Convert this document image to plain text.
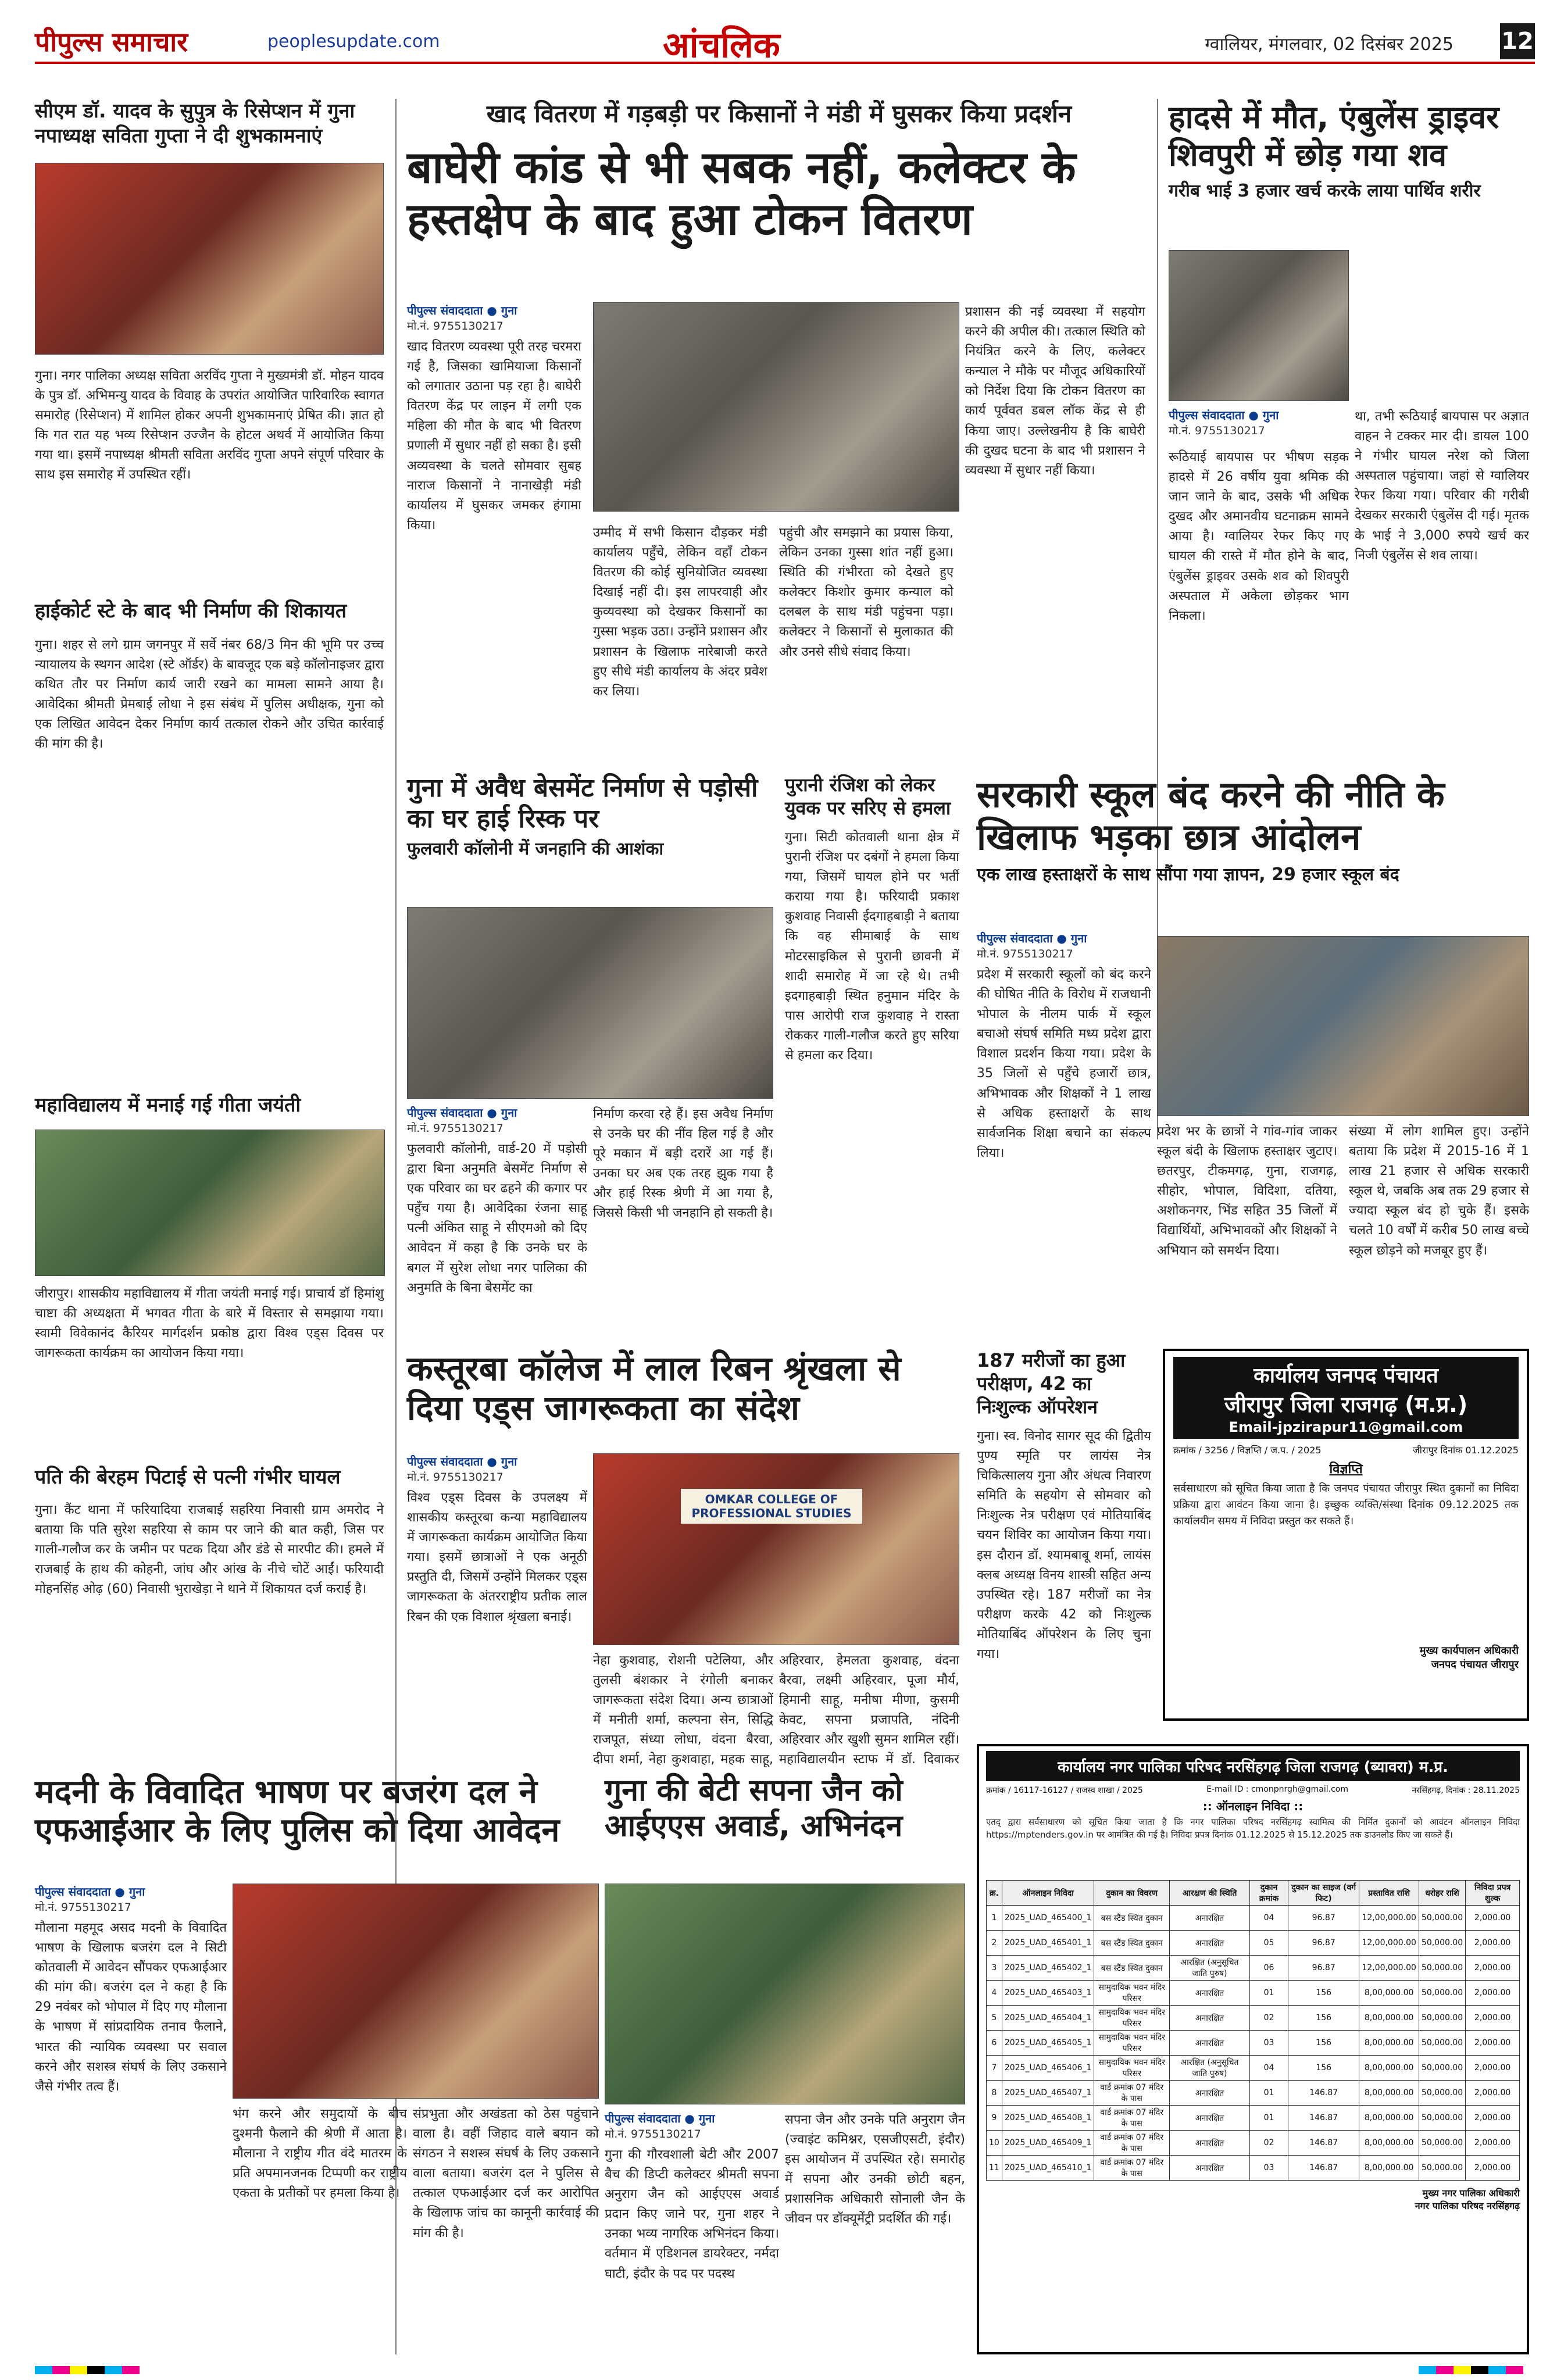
पीपुल्स समाचार	peoplesupdate.com	आंचलिक	ग्वालियर, मंगलवार, 02 दिसंबर 2025 12
सीएम डॉ. यादव के सुपुत्र के रिसेप्शन में गुना नपाध्यक्ष सविता गुप्ता ने दी शुभकामनाएं
गुना। नगर पालिका अध्यक्ष सविता अरविंद गुप्ता ने मुख्यमंत्री डॉ. मोहन यादव के पुत्र डॉ. अभिमन्यु यादव के विवाह के उपरांत आयोजित पारिवारिक स्वागत समारोह (रिसेप्शन) में शामिल होकर अपनी शुभकामनाएं प्रेषित की। ज्ञात हो कि गत रात यह भव्य रिसेप्शन उज्जैन के होटल अथर्व में आयोजित किया गया था। इसमें नपाध्यक्ष श्रीमती सविता अरविंद गुप्ता अपने संपूर्ण परिवार के साथ इस समारोह में उपस्थित रहीं।
हाईकोर्ट स्टे के बाद भी निर्माण की शिकायत
गुना। शहर से लगे ग्राम जगनपुर में सर्वे नंबर 68/3 मिन की भूमि पर उच्च न्यायालय के स्थगन आदेश (स्टे ऑर्डर) के बावजूद एक बड़े कॉलोनाइजर द्वारा कथित तौर पर निर्माण कार्य जारी रखने का मामला सामने आया है। आवेदिका श्रीमती प्रेमबाई लोधा ने इस संबंध में पुलिस अधीक्षक, गुना को एक लिखित आवेदन देकर निर्माण कार्य तत्काल रोकने और उचित कार्रवाई की मांग की है।
महाविद्यालय में मनाई गई गीता जयंती
जीरापुर। शासकीय महाविद्यालय में गीता जयंती मनाई गई। प्राचार्य डॉ हिमांशु चाष्टा की अध्यक्षता में भगवत गीता के बारे में विस्तार से समझाया गया। स्वामी विवेकानंद कैरियर मार्गदर्शन प्रकोष्ठ द्वारा विश्व एड्स दिवस पर जागरूकता कार्यक्रम का आयोजन किया गया।
पति की बेरहम पिटाई से पत्नी गंभीर घायल
गुना। कैंट थाना में फरियादिया राजबाई सहरिया निवासी ग्राम अमरोद ने बताया कि पति सुरेश सहरिया से काम पर जाने की बात कही, जिस पर गाली-गलौज कर के जमीन पर पटक दिया और डंडे से मारपीट की। हमले में राजबाई के हाथ की कोहनी, जांघ और आंख के नीचे चोटें आईं। फरियादी मोहनसिंह ओढ़ (60) निवासी भुराखेड़ा ने थाने में शिकायत दर्ज कराई है।
खाद वितरण में गड़बड़ी पर किसानों ने मंडी में घुसकर किया प्रदर्शन
बाघेरी कांड से भी सबक नहीं, कलेक्टर के हस्तक्षेप के बाद हुआ टोकन वितरण
पीपुल्स संवाददाता ● गुना
मो.नं. 9755130217
खाद वितरण व्यवस्था पूरी तरह चरमरा गई है, जिसका खामियाजा किसानों को लगातार उठाना पड़ रहा है। बाघेरी वितरण केंद्र पर लाइन में लगी एक महिला की मौत के बाद भी वितरण प्रणाली में सुधार नहीं हो सका है। इसी अव्यवस्था के चलते सोमवार सुबह नाराज किसानों ने नानाखेड़ी मंडी कार्यालय में घुसकर जमकर हंगामा किया।
उम्मीद में सभी किसान दौड़कर मंडी कार्यालय पहुँचे, लेकिन वहाँ टोकन वितरण की कोई सुनियोजित व्यवस्था दिखाई नहीं दी। इस लापरवाही और कुव्यवस्था को देखकर किसानों का गुस्सा भड़क उठा। उन्होंने प्रशासन और प्रशासन के खिलाफ नारेबाजी करते हुए सीधे मंडी कार्यालय के अंदर प्रवेश कर लिया।
पहुंची और समझाने का प्रयास किया, लेकिन उनका गुस्सा शांत नहीं हुआ। स्थिति की गंभीरता को देखते हुए कलेक्टर किशोर कुमार कन्याल को दलबल के साथ मंडी पहुंचना पड़ा। कलेक्टर ने किसानों से मुलाकात की और उनसे सीधे संवाद किया।
प्रशासन की नई व्यवस्था में सहयोग करने की अपील की। तत्काल स्थिति को नियंत्रित करने के लिए, कलेक्टर कन्याल ने मौके पर मौजूद अधिकारियों को निर्देश दिया कि टोकन वितरण का कार्य पूर्ववत डबल लॉक केंद्र से ही किया जाए। उल्लेखनीय है कि बाघेरी की दुखद घटना के बाद भी प्रशासन ने व्यवस्था में सुधार नहीं किया।
हादसे में मौत, एंबुलेंस ड्राइवर शिवपुरी में छोड़ गया शव
गरीब भाई 3 हजार खर्च करके लाया पार्थिव शरीर
पीपुल्स संवाददाता ● गुना
मो.नं. 9755130217
रूठियाई बायपास पर भीषण सड़क हादसे में 26 वर्षीय युवा श्रमिक की जान जाने के बाद, उसके भी अधिक दुखद और अमानवीय घटनाक्रम सामने आया है। ग्वालियर रेफर किए गए घायल की रास्ते में मौत होने के बाद, एंबुलेंस ड्राइवर उसके शव को शिवपुरी अस्पताल में अकेला छोड़कर भाग निकला।
था, तभी रूठियाई बायपास पर अज्ञात वाहन ने टक्कर मार दी। डायल 100 ने गंभीर घायल नरेश को जिला अस्पताल पहुंचाया। जहां से ग्वालियर रेफर किया गया। परिवार की गरीबी देखकर सरकारी एंबुलेंस दी गई। मृतक के भाई ने 3,000 रुपये खर्च कर निजी एंबुलेंस से शव लाया।
गुना में अवैध बेसमेंट निर्माण से पड़ोसी का घर हाई रिस्क पर
फुलवारी कॉलोनी में जनहानि की आशंका
पीपुल्स संवाददाता ● गुना
मो.नं. 9755130217
फुलवारी कॉलोनी, वार्ड-20 में पड़ोसी द्वारा बिना अनुमति बेसमेंट निर्माण से एक परिवार का घर ढहने की कगार पर पहुँच गया है। आवेदिका रंजना साहू पत्नी अंकित साहू ने सीएमओ को दिए आवेदन में कहा है कि उनके घर के बगल में सुरेश लोधा नगर पालिका की अनुमति के बिना बेसमेंट का
निर्माण करवा रहे हैं। इस अवैध निर्माण से उनके घर की नींव हिल गई है और पूरे मकान में बड़ी दरारें आ गई हैं। उनका घर अब एक तरह झुक गया है और हाई रिस्क श्रेणी में आ गया है, जिससे किसी भी जनहानि हो सकती है।
पुरानी रंजिश को लेकर युवक पर सरिए से हमला
गुना। सिटी कोतवाली थाना क्षेत्र में पुरानी रंजिश पर दबंगों ने हमला किया गया, जिसमें घायल होने पर भर्ती कराया गया है। फरियादी प्रकाश कुशवाह निवासी ईदगाहबाड़ी ने बताया कि वह सीमाबाई के साथ मोटरसाइकिल से पुरानी छावनी में शादी समारोह में जा रहे थे। तभी इदगाहबाड़ी स्थित हनुमान मंदिर के पास आरोपी राज कुशवाह ने रास्ता रोककर गाली-गलौज करते हुए सरिया से हमला कर दिया।
सरकारी स्कूल बंद करने की नीति के खिलाफ भड़का छात्र आंदोलन
एक लाख हस्ताक्षरों के साथ सौंपा गया ज्ञापन, 29 हजार स्कूल बंद
पीपुल्स संवाददाता ● गुना
मो.नं. 9755130217
प्रदेश में सरकारी स्कूलों को बंद करने की घोषित नीति के विरोध में राजधानी भोपाल के नीलम पार्क में स्कूल बचाओ संघर्ष समिति मध्य प्रदेश द्वारा विशाल प्रदर्शन किया गया। प्रदेश के 35 जिलों से पहुँचे हजारों छात्र, अभिभावक और शिक्षकों ने 1 लाख से अधिक हस्ताक्षरों के साथ सार्वजनिक शिक्षा बचाने का संकल्प लिया।
प्रदेश भर के छात्रों ने गांव-गांव जाकर स्कूल बंदी के खिलाफ हस्ताक्षर जुटाए। छतरपुर, टीकमगढ़, गुना, राजगढ़, सीहोर, भोपाल, विदिशा, दतिया, अशोकनगर, भिंड सहित 35 जिलों में विद्यार्थियों, अभिभावकों और शिक्षकों ने अभियान को समर्थन दिया।
संख्या में लोग शामिल हुए। उन्होंने बताया कि प्रदेश में 2015-16 में 1 लाख 21 हजार से अधिक सरकारी स्कूल थे, जबकि अब तक 29 हजार से ज्यादा स्कूल बंद हो चुके हैं। इसके चलते 10 वर्षों में करीब 50 लाख बच्चे स्कूल छोड़ने को मजबूर हुए हैं।
कस्तूरबा कॉलेज में लाल रिबन श्रृंखला से दिया एड्स जागरूकता का संदेश
पीपुल्स संवाददाता ● गुना
मो.नं. 9755130217
विश्व एड्स दिवस के उपलक्ष्य में शासकीय कस्तूरबा कन्या महाविद्यालय में जागरूकता कार्यक्रम आयोजित किया गया। इसमें छात्राओं ने एक अनूठी प्रस्तुति दी, जिसमें उन्होंने मिलकर एड्स जागरूकता के अंतरराष्ट्रीय प्रतीक लाल रिबन की एक विशाल श्रृंखला बनाई।
OMKAR COLLEGE OF PROFESSIONAL STUDIES
नेहा कुशवाह, रोशनी पटेलिया, और तुलसी बंशकार ने रंगोली बनाकर जागरूकता संदेश दिया। अन्य छात्राओं में मनीती शर्मा, कल्पना सेन, सिद्धि राजपूत, संध्या लोधा, वंदना बैरवा, दीपा शर्मा, नेहा कुशवाहा, महक साहू,
अहिरवार, हेमलता कुशवाह, वंदना बैरवा, लक्ष्मी अहिरवार, पूजा मौर्य, हिमानी साहू, मनीषा मीणा, कुसमी केवट, सपना प्रजापति, नंदिनी अहिरवार और खुशी सुमन शामिल रहीं। महाविद्यालयीन स्टाफ में डॉ. दिवाकर
187 मरीजों का हुआ परीक्षण, 42 का निःशुल्क ऑपरेशन
गुना। स्व. विनोद सागर सूद की द्वितीय पुण्य स्मृति पर लायंस नेत्र चिकित्सालय गुना और अंधत्व निवारण समिति के सहयोग से सोमवार को निःशुल्क नेत्र परीक्षण एवं मोतियाबिंद चयन शिविर का आयोजन किया गया। इस दौरान डॉ. श्यामबाबू शर्मा, लायंस क्लब अध्यक्ष विनय शास्त्री सहित अन्य उपस्थित रहे। 187 मरीजों का नेत्र परीक्षण करके 42 को निःशुल्क मोतियाबिंद ऑपरेशन के लिए चुना गया।
कार्यालय जनपद पंचायत
जीरापुर जिला राजगढ़ (म.प्र.)
Email-jpzirapur11@gmail.com
क्रमांक / 3256 / विज्ञप्ति / ज.प. / 2025	जीरापुर दिनांक 01.12.2025
विज्ञप्ति
सर्वसाधारण को सूचित किया जाता है कि जनपद पंचायत जीरापुर स्थित दुकानों का निविदा प्रक्रिया द्वारा आवंटन किया जाना है। इच्छुक व्यक्ति/संस्था दिनांक 09.12.2025 तक कार्यालयीन समय में निविदा प्रस्तुत कर सकते हैं।
मुख्य कार्यपालन अधिकारी
जनपद पंचायत जीरापुर
मदनी के विवादित भाषण पर बजरंग दल ने एफआईआर के लिए पुलिस को दिया आवेदन
पीपुल्स संवाददाता ● गुना
मो.नं. 9755130217
मौलाना महमूद असद मदनी के विवादित भाषण के खिलाफ बजरंग दल ने सिटी कोतवाली में आवेदन सौंपकर एफआईआर की मांग की। बजरंग दल ने कहा है कि 29 नवंबर को भोपाल में दिए गए मौलाना के भाषण में सांप्रदायिक तनाव फैलाने, भारत की न्यायिक व्यवस्था पर सवाल करने और सशस्त्र संघर्ष के लिए उकसाने जैसे गंभीर तत्व हैं।
भंग करने और समुदायों के बीच दुश्मनी फैलाने की श्रेणी में आता है। मौलाना ने राष्ट्रीय गीत वंदे मातरम के प्रति अपमानजनक टिप्पणी कर राष्ट्रीय एकता के प्रतीकों पर हमला किया है।
संप्रभुता और अखंडता को ठेस पहुंचाने वाला है। वहीं जिहाद वाले बयान को संगठन ने सशस्त्र संघर्ष के लिए उकसाने वाला बताया। बजरंग दल ने पुलिस से तत्काल एफआईआर दर्ज कर आरोपित के खिलाफ जांच का कानूनी कार्रवाई की मांग की है।
गुना की बेटी सपना जैन को आईएएस अवार्ड, अभिनंदन
पीपुल्स संवाददाता ● गुना
मो.नं. 9755130217
गुना की गौरवशाली बेटी और 2007 बैच की डिप्टी कलेक्टर श्रीमती सपना अनुराग जैन को आईएएस अवार्ड प्रदान किए जाने पर, गुना शहर ने उनका भव्य नागरिक अभिनंदन किया। वर्तमान में एडिशनल डायरेक्टर, नर्मदा घाटी, इंदौर के पद पर पदस्थ
सपना जैन और उनके पति अनुराग जैन (ज्वाइंट कमिश्नर, एसजीएसटी, इंदौर) इस आयोजन में उपस्थित रहे। समारोह में सपना और उनकी छोटी बहन, प्रशासनिक अधिकारी सोनाली जैन के जीवन पर डॉक्यूमेंट्री प्रदर्शित की गई।
कार्यालय नगर पालिका परिषद नरसिंहगढ़ जिला राजगढ़ (ब्यावरा) म.प्र.
क्रमांक / 16117-16127 / राजस्व शाखा / 2025	E-mail ID : cmonpnrgh@gmail.com	नरसिंहगढ़, दिनांक : 28.11.2025
:: ऑनलाइन निविदा ::
एतद् द्वारा सर्वसाधारण को सूचित किया जाता है कि नगर पालिका परिषद नरसिंहगढ़ स्वामित्व की निर्मित दुकानों को आवंटन ऑनलाइन निविदा https://mptenders.gov.in पर आमंत्रित की गई है। निविदा प्रपत्र दिनांक 01.12.2025 से 15.12.2025 तक डाउनलोड किए जा सकते हैं।
क्र.	ऑनलाइन निविदा	दुकान का विवरण	आरक्षण की स्थिति	दुकान क्रमांक	दुकान का साइज (वर्ग फिट)	प्रस्तावित राशि	धरोहर राशि	निविदा प्रपत्र शुल्क
1	2025_UAD_465400_1	बस स्टैंड स्थित दुकान	अनारक्षित	04	96.87	12,00,000.00	50,000.00	2,000.00
2	2025_UAD_465401_1	बस स्टैंड स्थित दुकान	अनारक्षित	05	96.87	12,00,000.00	50,000.00	2,000.00
3	2025_UAD_465402_1	बस स्टैंड स्थित दुकान	आरक्षित (अनुसूचित जाति पुरुष)	06	96.87	12,00,000.00	50,000.00	2,000.00
4	2025_UAD_465403_1	सामुदायिक भवन मंदिर परिसर	अनारक्षित	01	156	8,00,000.00	50,000.00	2,000.00
5	2025_UAD_465404_1	सामुदायिक भवन मंदिर परिसर	अनारक्षित	02	156	8,00,000.00	50,000.00	2,000.00
6	2025_UAD_465405_1	सामुदायिक भवन मंदिर परिसर	अनारक्षित	03	156	8,00,000.00	50,000.00	2,000.00
7	2025_UAD_465406_1	सामुदायिक भवन मंदिर परिसर	आरक्षित (अनुसूचित जाति पुरुष)	04	156	8,00,000.00	50,000.00	2,000.00
8	2025_UAD_465407_1	वार्ड क्रमांक 07 मंदिर के पास	अनारक्षित	01	146.87	8,00,000.00	50,000.00	2,000.00
9	2025_UAD_465408_1	वार्ड क्रमांक 07 मंदिर के पास	अनारक्षित	01	146.87	8,00,000.00	50,000.00	2,000.00
10	2025_UAD_465409_1	वार्ड क्रमांक 07 मंदिर के पास	अनारक्षित	02	146.87	8,00,000.00	50,000.00	2,000.00
11	2025_UAD_465410_1	वार्ड क्रमांक 07 मंदिर के पास	अनारक्षित	03	146.87	8,00,000.00	50,000.00	2,000.00
मुख्य नगर पालिका अधिकारी
नगर पालिका परिषद नरसिंहगढ़
